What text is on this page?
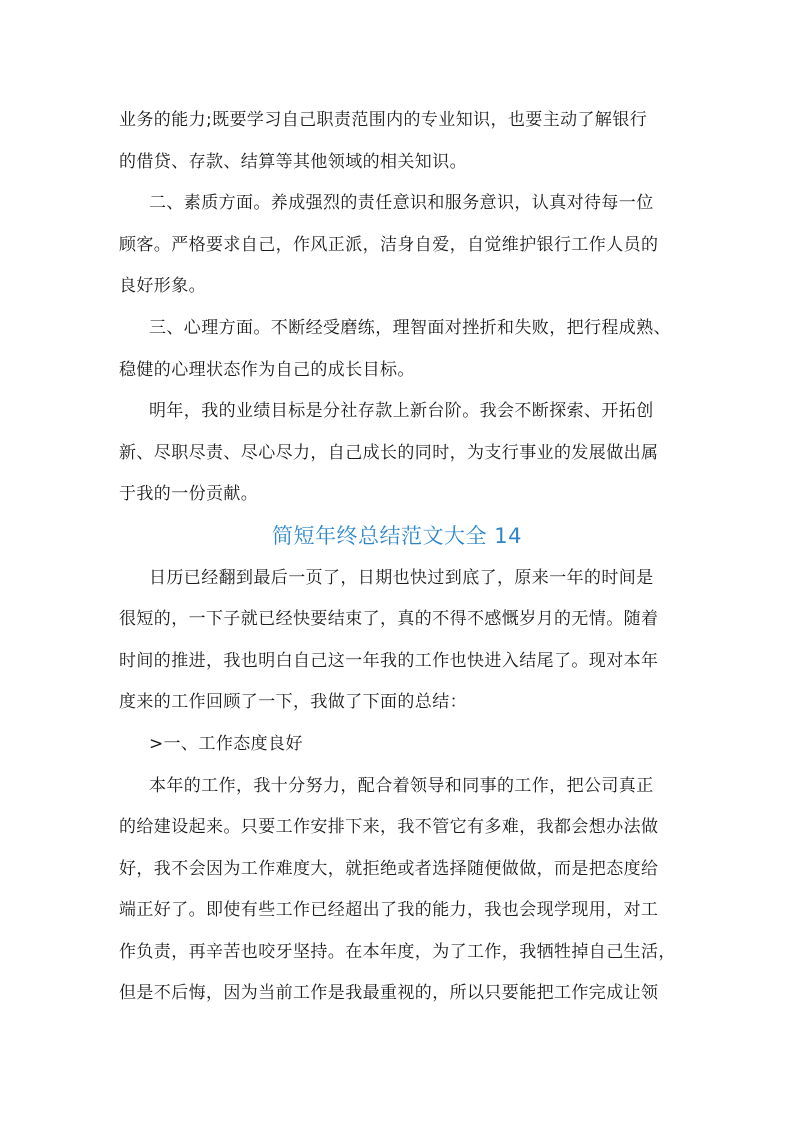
业务的能力;既要学习自己职责范围内的专业知识，也要主动了解银行
的借贷、存款、结算等其他领域的相关知识。
二、素质方面。养成强烈的责任意识和服务意识，认真对待每一位
顾客。严格要求自己，作风正派，洁身自爱，自觉维护银行工作人员的
良好形象。
三、心理方面。不断经受磨练，理智面对挫折和失败，把行程成熟、
稳健的心理状态作为自己的成长目标。
明年，我的业绩目标是分社存款上新台阶。我会不断探索、开拓创
新、尽职尽责、尽心尽力，自己成长的同时，为支行事业的发展做出属
于我的一份贡献。
简短年终总结范文大全 14
日历已经翻到最后一页了，日期也快过到底了，原来一年的时间是
很短的，一下子就已经快要结束了，真的不得不感慨岁月的无情。随着
时间的推进，我也明白自己这一年我的工作也快进入结尾了。现对本年
度来的工作回顾了一下，我做了下面的总结：
>一、工作态度良好
本年的工作，我十分努力，配合着领导和同事的工作，把公司真正
的给建设起来。只要工作安排下来，我不管它有多难，我都会想办法做
好，我不会因为工作难度大，就拒绝或者选择随便做做，而是把态度给
端正好了。即使有些工作已经超出了我的能力，我也会现学现用，对工
作负责，再辛苦也咬牙坚持。在本年度，为了工作，我牺牲掉自己生活，
但是不后悔，因为当前工作是我最重视的，所以只要能把工作完成让领
